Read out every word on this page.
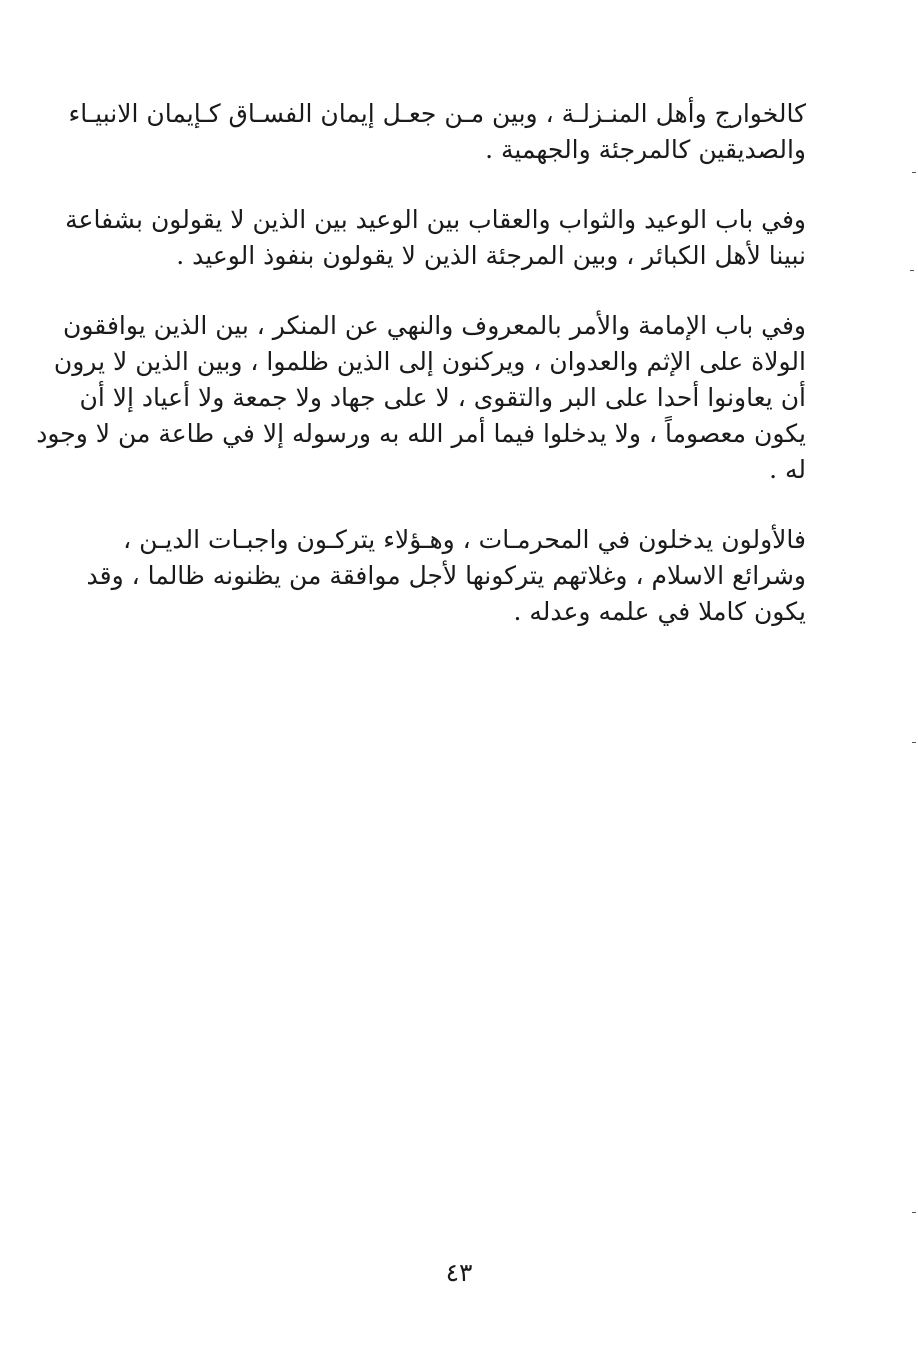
كالخوارج وأهل المنـزلـة ، وبين مـن جعـل إيمان الفسـاق كـإيمان الانبيـاء
والصديقين كالمرجئة والجهمية .
وفي باب الوعيد والثواب والعقاب بين الوعيد بين الذين لا يقولون بشفاعة
نبينا لأهل الكبائر ، وبين المرجئة الذين لا يقولون بنفوذ الوعيد .
وفي باب الإمامة والأمر بالمعروف والنهي عن المنكر ، بين الذين يوافقون
الولاة على الإثم والعدوان ، ويركنون إلى الذين ظلموا ، وبين الذين لا يرون
أن يعاونوا أحدا على البر والتقوى ، لا على جهاد ولا جمعة ولا أعياد إلا أن
يكون معصوماً ، ولا يدخلوا فيما أمر الله به ورسوله إلا في طاعة من لا وجود
له .
فالأولون يدخلون في المحرمـات ، وهـؤلاء يتركـون واجبـات الديـن ،
وشرائع الاسلام ، وغلاتهم يتركونها لأجل موافقة من يظنونه ظالما ، وقد
يكون كاملا في علمه وعدله .
٤٣
